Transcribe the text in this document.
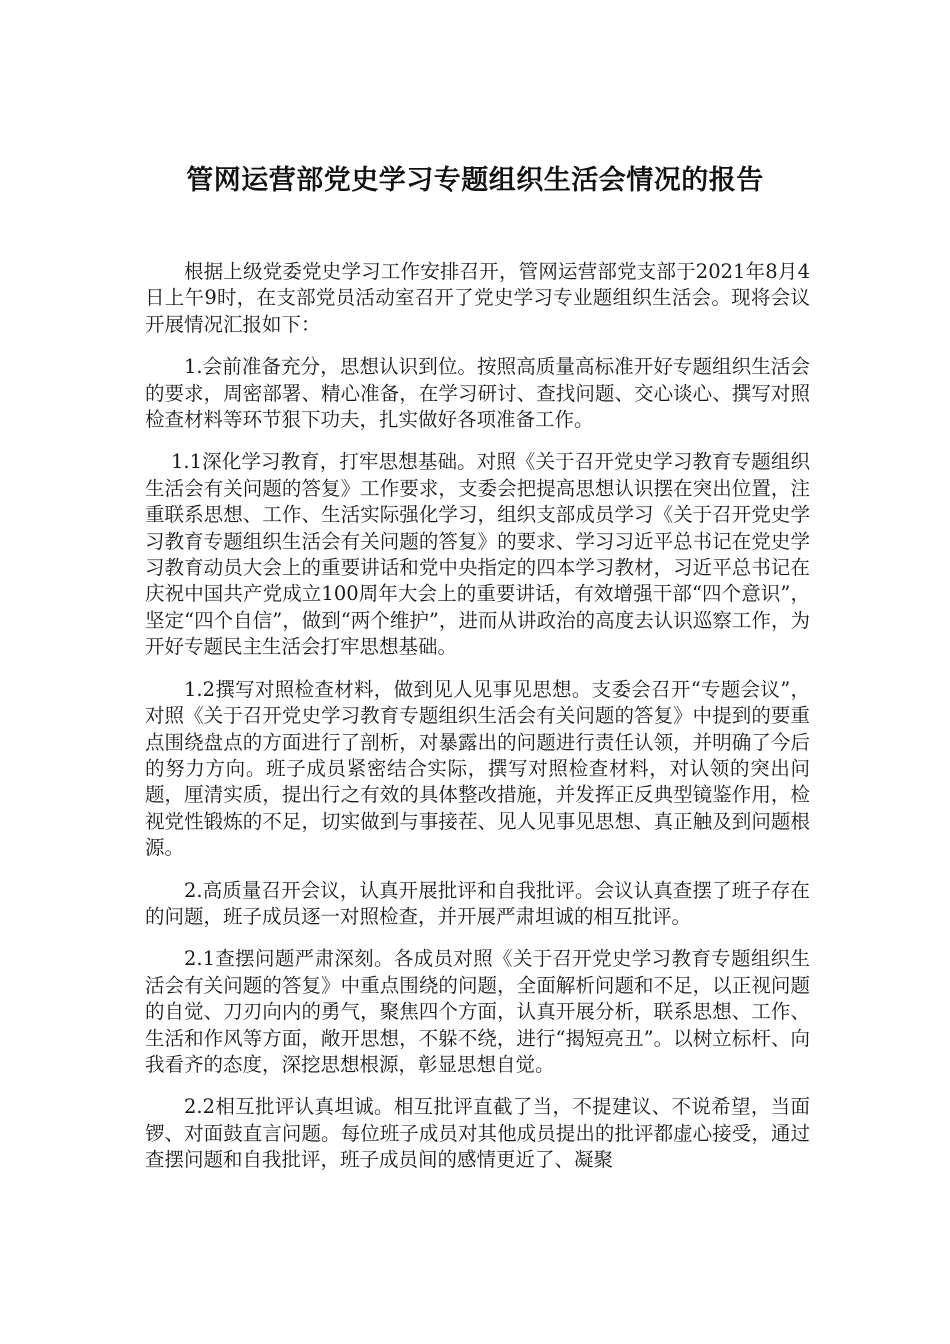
管网运营部党史学习专题组织生活会情况的报告

根据上级党委党史学习工作安排召开，管网运营部党支部于2021年8月4日上午9时，在支部党员活动室召开了党史学习专业题组织生活会。现将会议开展情况汇报如下：

1.会前准备充分，思想认识到位。按照高质量高标准开好专题组织生活会的要求，周密部署、精心准备，在学习研讨、查找问题、交心谈心、撰写对照检查材料等环节狠下功夫，扎实做好各项准备工作。

1.1深化学习教育，打牢思想基础。对照《关于召开党史学习教育专题组织生活会有关问题的答复》工作要求，支委会把提高思想认识摆在突出位置，注重联系思想、工作、生活实际强化学习，组织支部成员学习《关于召开党史学习教育专题组织生活会有关问题的答复》的要求、学习习近平总书记在党史学习教育动员大会上的重要讲话和党中央指定的四本学习教材，习近平总书记在庆祝中国共产党成立100周年大会上的重要讲话，有效增强干部“四个意识”，坚定“四个自信”，做到“两个维护”，进而从讲政治的高度去认识巡察工作，为开好专题民主生活会打牢思想基础。

1.2撰写对照检查材料，做到见人见事见思想。支委会召开“专题会议”，对照《关于召开党史学习教育专题组织生活会有关问题的答复》中提到的要重点围绕盘点的方面进行了剖析，对暴露出的问题进行责任认领，并明确了今后的努力方向。班子成员紧密结合实际，撰写对照检查材料，对认领的突出问题，厘清实质，提出行之有效的具体整改措施，并发挥正反典型镜鉴作用，检视党性锻炼的不足，切实做到与事接茬、见人见事见思想、真正触及到问题根源。

2.高质量召开会议，认真开展批评和自我批评。会议认真查摆了班子存在的问题，班子成员逐一对照检查，并开展严肃坦诚的相互批评。

2.1查摆问题严肃深刻。各成员对照《关于召开党史学习教育专题组织生活会有关问题的答复》中重点围绕的问题，全面解析问题和不足，以正视问题的自觉、刀刃向内的勇气，聚焦四个方面，认真开展分析，联系思想、工作、生活和作风等方面，敞开思想，不躲不绕，进行“揭短亮丑”。以树立标杆、向我看齐的态度，深挖思想根源，彰显思想自觉。

2.2相互批评认真坦诚。相互批评直截了当，不提建议、不说希望，当面锣、对面鼓直言问题。每位班子成员对其他成员提出的批评都虚心接受，通过查摆问题和自我批评，班子成员间的感情更近了、凝聚
